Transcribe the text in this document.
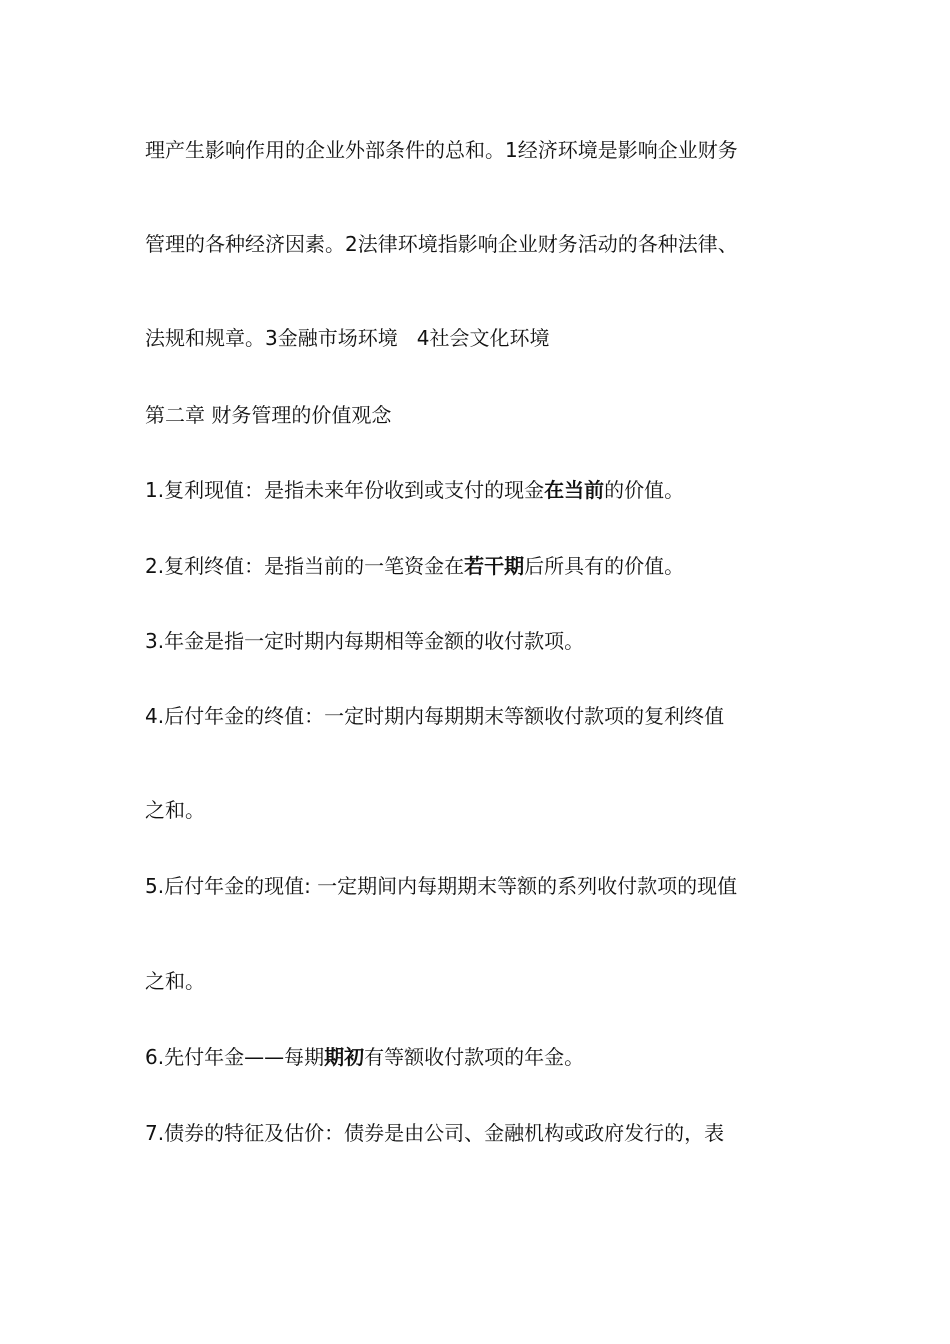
理产生影响作用的企业外部条件的总和。1经济环境是影响企业财务
管理的各种经济因素。2法律环境指影响企业财务活动的各种法律、
法规和规章。3金融市场环境   4社会文化环境
第二章 财务管理的价值观念
1.复利现值：是指未来年份收到或支付的现金在当前的价值。
2.复利终值：是指当前的一笔资金在若干期后所具有的价值。
3.年金是指一定时期内每期相等金额的收付款项。
4.后付年金的终值：一定时期内每期期末等额收付款项的复利终值
之和。
5.后付年金的现值: 一定期间内每期期末等额的系列收付款项的现值
之和。
6.先付年金——每期期初有等额收付款项的年金。
7.债券的特征及估价：债券是由公司、金融机构或政府发行的，表
